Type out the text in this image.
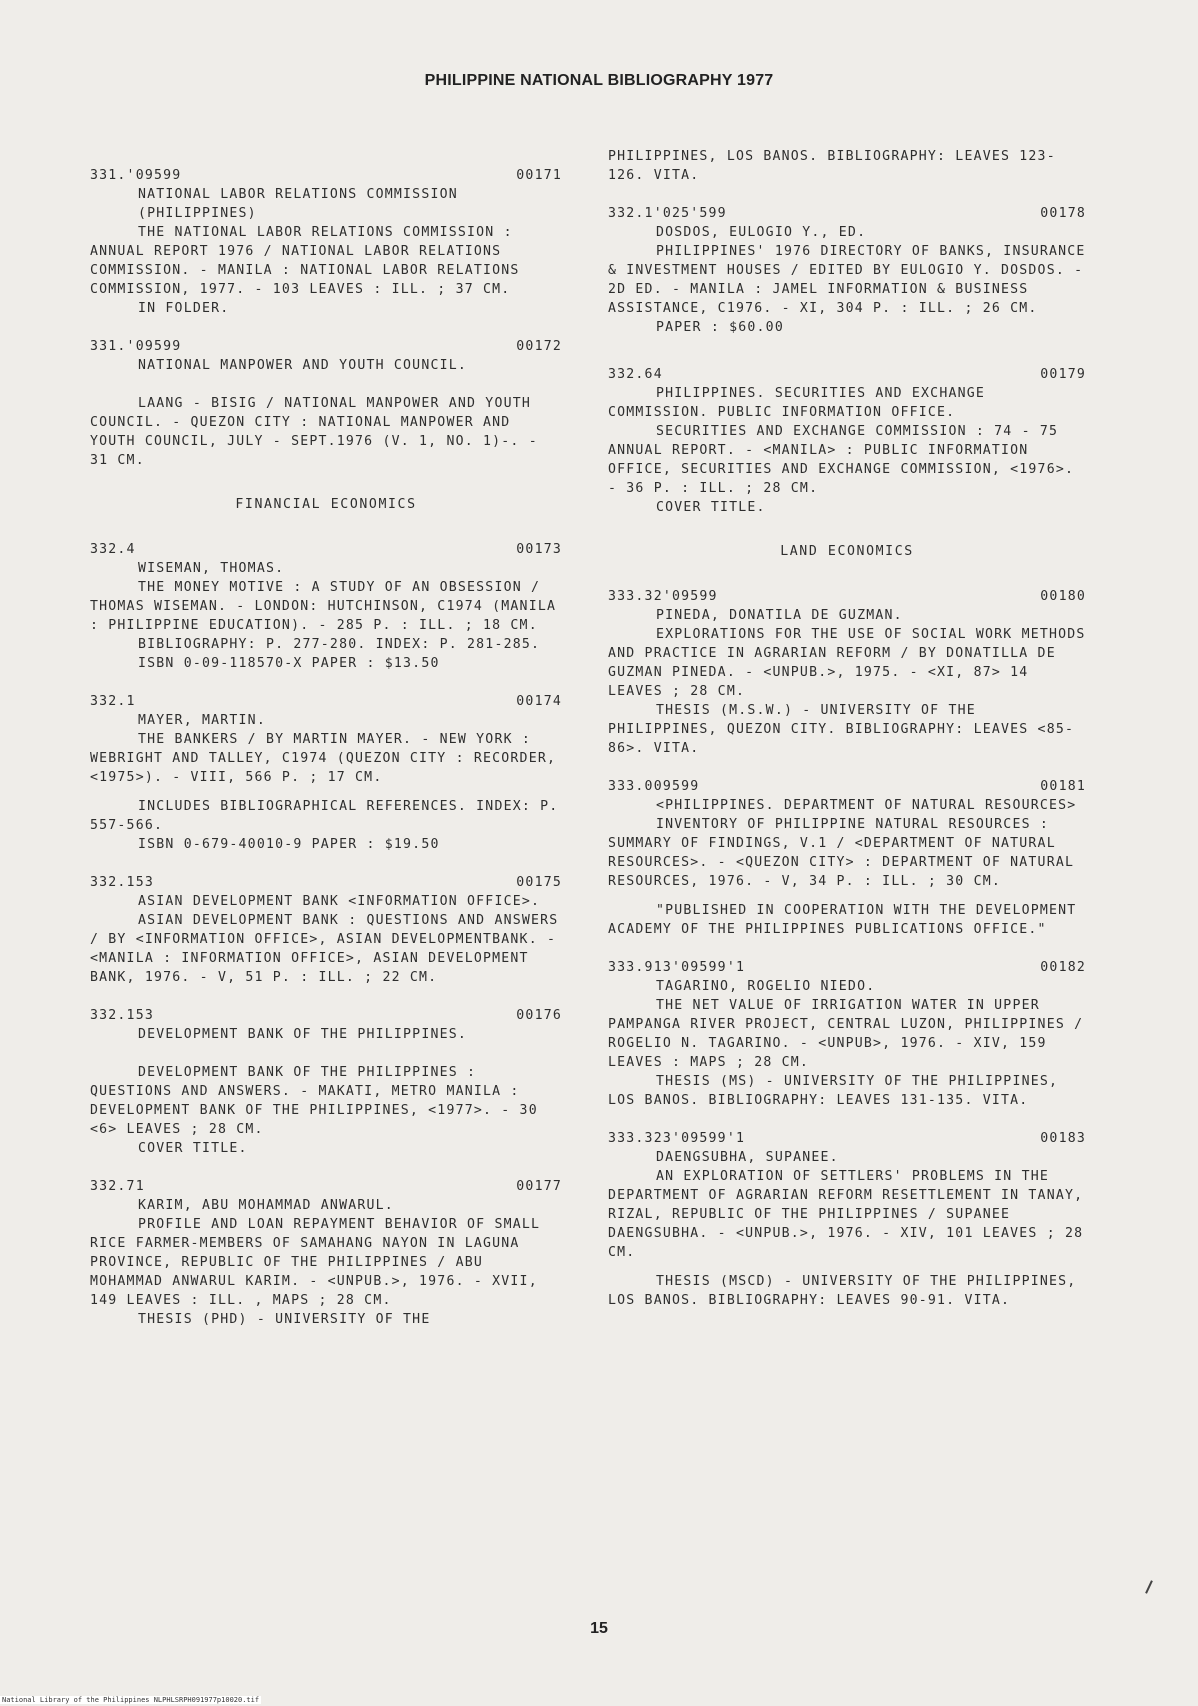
PHILIPPINE NATIONAL BIBLIOGRAPHY 1977
331.'09599	00171
NATIONAL LABOR RELATIONS COMMISSION (PHILIPPINES)
THE NATIONAL LABOR RELATIONS COMMISSION : ANNUAL REPORT 1976 / NATIONAL LABOR RELATIONS COMMISSION. - MANILA : NATIONAL LABOR RELATIONS COMMISSION, 1977. - 103 LEAVES : ILL. ; 37 CM.
IN FOLDER.
331.'09599	00172
NATIONAL MANPOWER AND YOUTH COUNCIL.
LAANG - BISIG / NATIONAL MANPOWER AND YOUTH COUNCIL. - QUEZON CITY : NATIONAL MANPOWER AND YOUTH COUNCIL, JULY - SEPT.1976 (V. 1, NO. 1)-. - 31 CM.
FINANCIAL ECONOMICS
332.4	00173
WISEMAN, THOMAS.
THE MONEY MOTIVE : A STUDY OF AN OBSESSION / THOMAS WISEMAN. - LONDON: HUTCHINSON, C1974 (MANILA : PHILIPPINE EDUCATION). - 285 P. : ILL. ; 18 CM.
BIBLIOGRAPHY: P. 277-280. INDEX: P. 281-285.
ISBN 0-09-118570-X PAPER : $13.50
332.1	00174
MAYER, MARTIN.
THE BANKERS / BY MARTIN MAYER. - NEW YORK : WEBRIGHT AND TALLEY, C1974 (QUEZON CITY : RECORDER, <1975>). - VIII, 566 P. ; 17 CM.
INCLUDES BIBLIOGRAPHICAL REFERENCES. INDEX: P. 557-566.
ISBN 0-679-40010-9 PAPER : $19.50
332.153	00175
ASIAN DEVELOPMENT BANK <INFORMATION OFFICE>.
ASIAN DEVELOPMENT BANK : QUESTIONS AND ANSWERS / BY <INFORMATION OFFICE>, ASIAN DEVELOPMENTBANK. - <MANILA : INFORMATION OFFICE>, ASIAN DEVELOPMENT BANK, 1976. - V, 51 P. : ILL. ; 22 CM.
332.153	00176
DEVELOPMENT BANK OF THE PHILIPPINES.
DEVELOPMENT BANK OF THE PHILIPPINES : QUESTIONS AND ANSWERS. - MAKATI, METRO MANILA : DEVELOPMENT BANK OF THE PHILIPPINES, <1977>. - 30 <6> LEAVES ; 28 CM.
COVER TITLE.
332.71	00177
KARIM, ABU MOHAMMAD ANWARUL.
PROFILE AND LOAN REPAYMENT BEHAVIOR OF SMALL RICE FARMER-MEMBERS OF SAMAHANG NAYON IN LAGUNA PROVINCE, REPUBLIC OF THE PHILIPPINES / ABU MOHAMMAD ANWARUL KARIM. - <UNPUB.>, 1976. - XVII, 149 LEAVES : ILL. , MAPS ; 28 CM.
THESIS (PHD) - UNIVERSITY OF THE
PHILIPPINES, LOS BANOS. BIBLIOGRAPHY: LEAVES 123-126. VITA.
332.1'025'599	00178
DOSDOS, EULOGIO Y., ED.
PHILIPPINES' 1976 DIRECTORY OF BANKS, INSURANCE & INVESTMENT HOUSES / EDITED BY EULOGIO Y. DOSDOS. - 2D ED. - MANILA : JAMEL INFORMATION & BUSINESS ASSISTANCE, C1976. - XI, 304 P. : ILL. ; 26 CM.
PAPER : $60.00
332.64	00179
PHILIPPINES. SECURITIES AND EXCHANGE COMMISSION. PUBLIC INFORMATION OFFICE.
SECURITIES AND EXCHANGE COMMISSION : 74 - 75 ANNUAL REPORT. - <MANILA> : PUBLIC INFORMATION OFFICE, SECURITIES AND EXCHANGE COMMISSION, <1976>. - 36 P. : ILL. ; 28 CM.
COVER TITLE.
LAND ECONOMICS
333.32'09599	00180
PINEDA, DONATILA DE GUZMAN.
EXPLORATIONS FOR THE USE OF SOCIAL WORK METHODS AND PRACTICE IN AGRARIAN REFORM / BY DONATILLA DE GUZMAN PINEDA. - <UNPUB.>, 1975. - <XI, 87> 14 LEAVES ; 28 CM.
THESIS (M.S.W.) - UNIVERSITY OF THE PHILIPPINES, QUEZON CITY. BIBLIOGRAPHY: LEAVES <85-86>. VITA.
333.009599	00181
<PHILIPPINES. DEPARTMENT OF NATURAL RESOURCES>
INVENTORY OF PHILIPPINE NATURAL RESOURCES : SUMMARY OF FINDINGS, V.1 / <DEPARTMENT OF NATURAL RESOURCES>. - <QUEZON CITY> : DEPARTMENT OF NATURAL RESOURCES, 1976. - V, 34 P. : ILL. ; 30 CM.
"PUBLISHED IN COOPERATION WITH THE DEVELOPMENT ACADEMY OF THE PHILIPPINES PUBLICATIONS OFFICE."
333.913'09599'1	00182
TAGARINO, ROGELIO NIEDO.
THE NET VALUE OF IRRIGATION WATER IN UPPER PAMPANGA RIVER PROJECT, CENTRAL LUZON, PHILIPPINES / ROGELIO N. TAGARINO. - <UNPUB>, 1976. - XIV, 159 LEAVES : MAPS ; 28 CM.
THESIS (MS) - UNIVERSITY OF THE PHILIPPINES, LOS BANOS. BIBLIOGRAPHY: LEAVES 131-135. VITA.
333.323'09599'1	00183
DAENGSUBHA, SUPANEE.
AN EXPLORATION OF SETTLERS' PROBLEMS IN THE DEPARTMENT OF AGRARIAN REFORM RESETTLEMENT IN TANAY, RIZAL, REPUBLIC OF THE PHILIPPINES / SUPANEE DAENGSUBHA. - <UNPUB.>, 1976. - XIV, 101 LEAVES ; 28 CM.
THESIS (MSCD) - UNIVERSITY OF THE PHILIPPINES, LOS BANOS. BIBLIOGRAPHY: LEAVES 90-91. VITA.
15
National Library of the Philippines NLPHLSRPH091977p10020.tif
